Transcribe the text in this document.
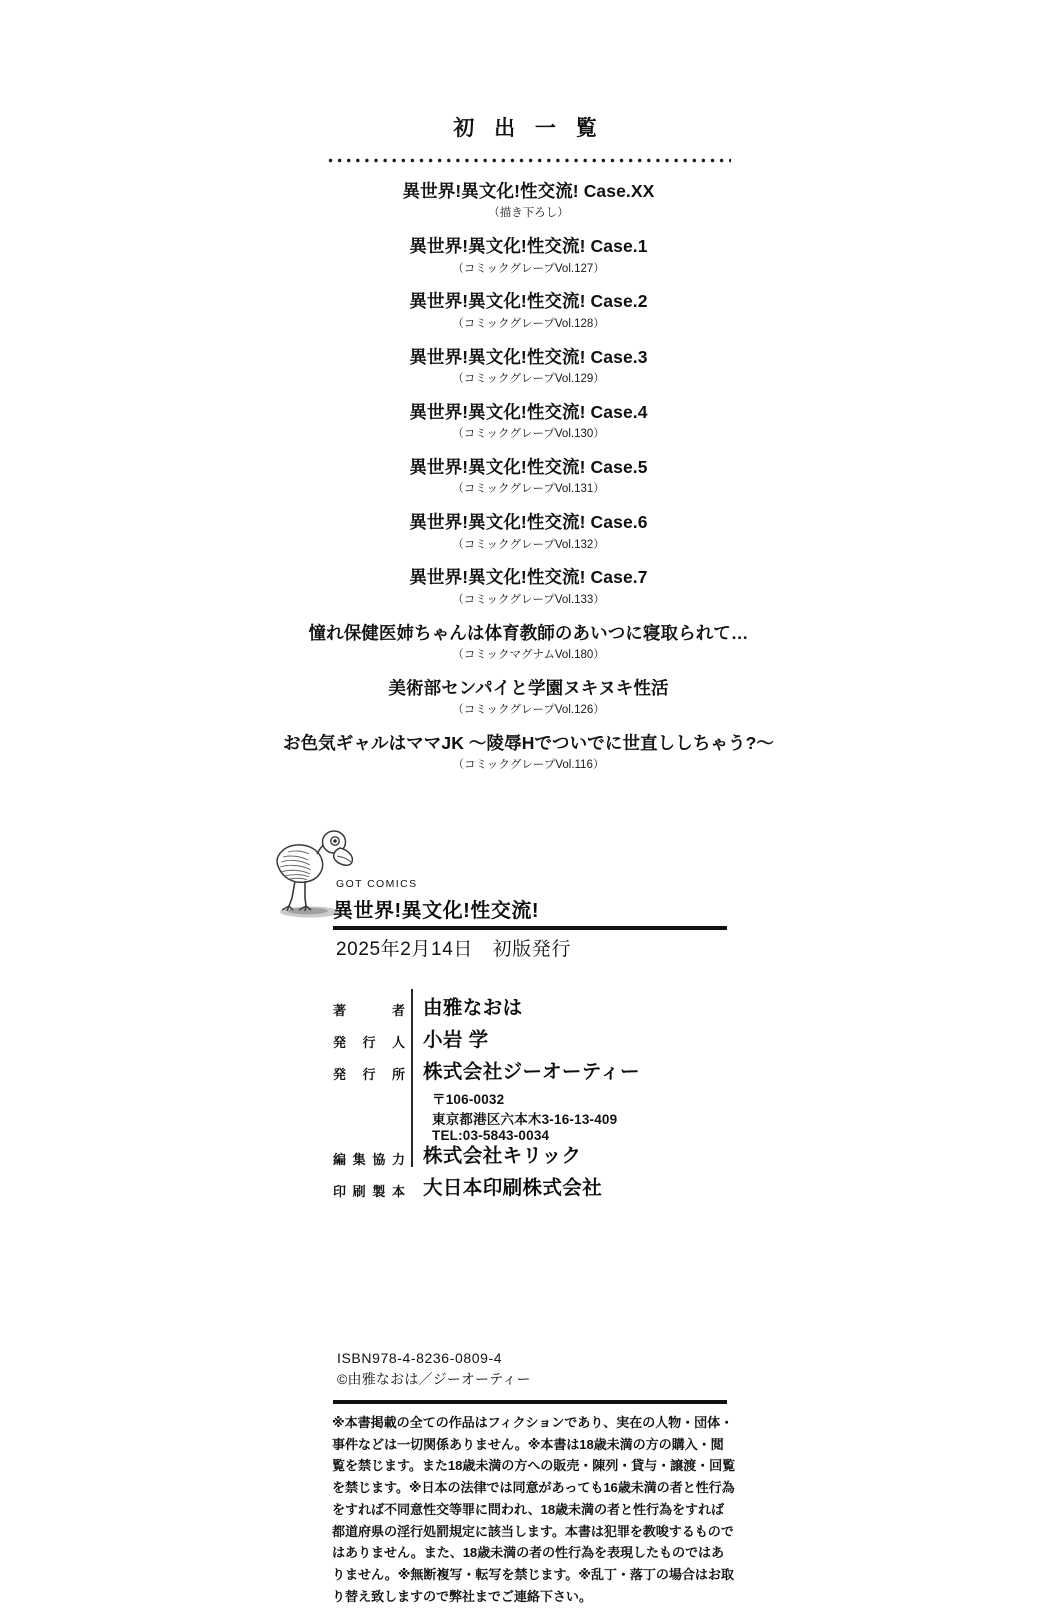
初 出 一 覧
異世界!異文化!性交流! Case.XX
（描き下ろし）
異世界!異文化!性交流! Case.1
（コミックグレープVol.127）
異世界!異文化!性交流! Case.2
（コミックグレープVol.128）
異世界!異文化!性交流! Case.3
（コミックグレープVol.129）
異世界!異文化!性交流! Case.4
（コミックグレープVol.130）
異世界!異文化!性交流! Case.5
（コミックグレープVol.131）
異世界!異文化!性交流! Case.6
（コミックグレープVol.132）
異世界!異文化!性交流! Case.7
（コミックグレープVol.133）
憧れ保健医姉ちゃんは体育教師のあいつに寝取られて…
（コミックマグナムVol.180）
美術部センパイと学園ヌキヌキ性活
（コミックグレープVol.126）
お色気ギャルはママJK 〜陵辱Hでついでに世直ししちゃう?〜
（コミックグレープVol.116）
GOT COMICS
異世界!異文化!性交流!
2025年2月14日　初版発行
著者 由雅なおは
発行人 小岩 学
発行所 株式会社ジーオーティー
編集協力 株式会社キリック
印刷製本 大日本印刷株式会社
〒106-0032
東京都港区六本木3-16-13-409
TEL:03-5843-0034
ISBN978-4-8236-0809-4
©由雅なおは／ジーオーティー
※本書掲載の全ての作品はフィクションであり、実在の人物・団体・事件などは一切関係ありません。※本書は18歳未満の方の購入・閲覧を禁じます。また18歳未満の方への販売・陳列・貸与・譲渡・回覧を禁じます。※日本の法律では同意があっても16歳未満の者と性行為をすれば不同意性交等罪に問われ、18歳未満の者と性行為をすれば都道府県の淫行処罰規定に該当します。本書は犯罪を教唆するものではありません。また、18歳未満の者の性行為を表現したものではありません。※無断複写・転写を禁じます。※乱丁・落丁の場合はお取り替え致しますので弊社までご連絡下さい。
